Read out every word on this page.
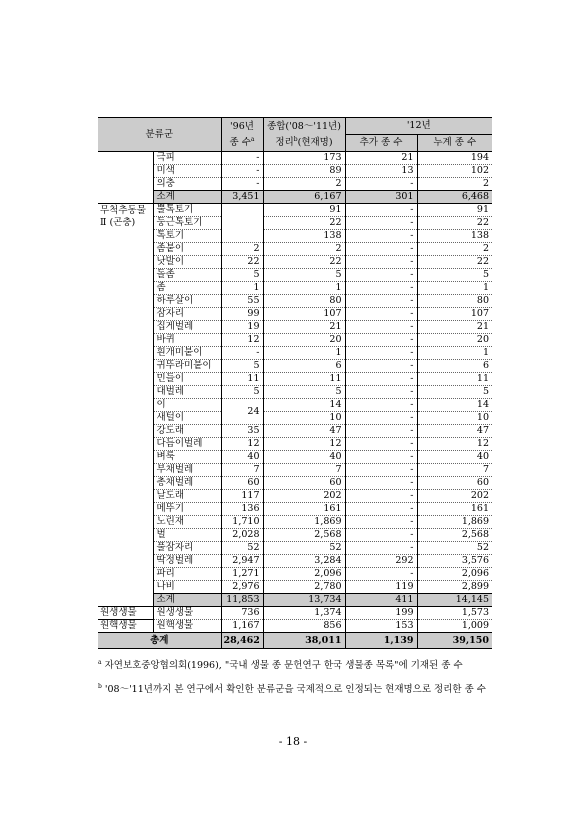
분류군		'96년	종합('08～'11년)	'12년	
		종 수$^a$	정리$^b$(현재명)	추가 종 수	누계 종 수
	극피	-	173	21	194
	미색	-	89	13	102
	의충	-	2	-	2
	소계	3,451	6,167	301	6,468
무척추동물	뿔톡토기		91	-	91
Ⅱ (곤충)	둥근톡토기		22	-	22
	톡토기		138	-	138
	좀붙이	2	2	-	2
	낫발이	22	22	-	22
	돌좀	5	5	-	5
	좀	1	1	-	1
	하루살이	55	80	-	80
	잠자리	99	107	-	107
	집게벌레	19	21	-	21
	바퀴	12	20	-	20
	흰개미붙이	-	1	-	1
	귀뚜라미붙이	5	6	-	6
	민들이	11	11	-	11
	대벌레	5	5	-	5
	이	24	14	-	14
	새털이		10	-	10
	강도래	35	47	-	47
	다듬이벌레	12	12	-	12
	벼룩	40	40	-	40
	부채벌레	7	7	-	7
	총채벌레	60	60	-	60
	날도래	117	202	-	202
	메뚜기	136	161	-	161
	노린재	1,710	1,869	-	1,869
	벌	2,028	2,568	-	2,568
	풀잠자리	52	52	-	52
	딱정벌레	2,947	3,284	292	3,576
	파리	1,271	2,096	-	2,096
	나비	2,976	2,780	119	2,899
	소계	11,853	13,734	411	14,145
원생생물	원생생물	736	1,374	199	1,573
원핵생물	원핵생물	1,167	856	153	1,009
총계		28,462	38,011	1,139	39,150
$^a$ 자연보호중앙협의회(1996), "국내 생물 종 문헌연구 한국 생물종 목록"에 기재된 종 수
$^b$ '08～'11년까지 본 연구에서 확인한 분류군을 국제적으로 인정되는 현재명으로 정리한 종 수
- 18 -
